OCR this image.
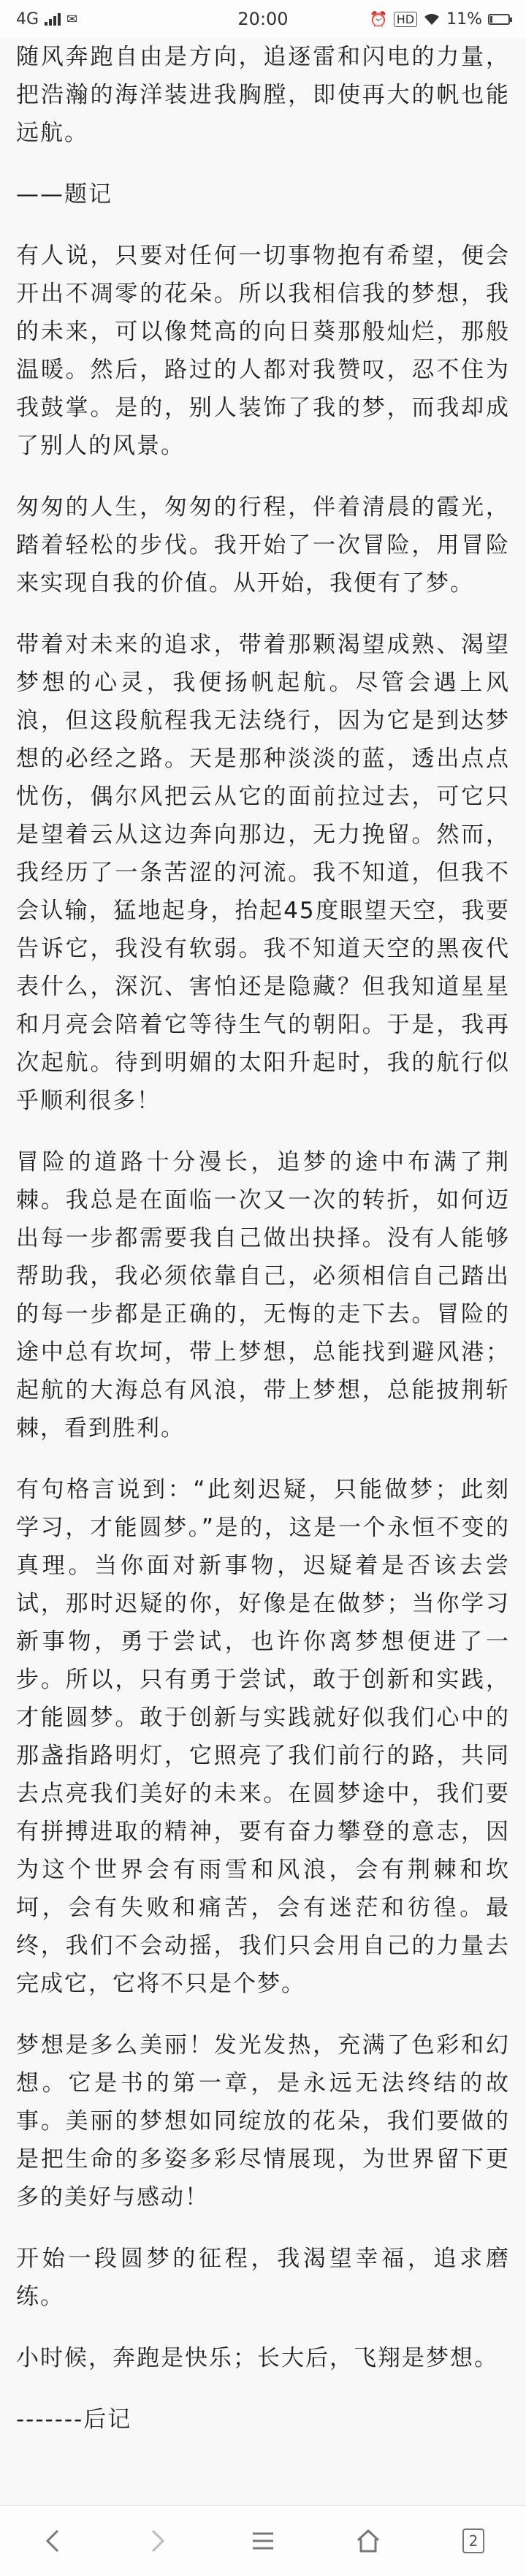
4G ✉	20:00	⏰ HD 11%

随风奔跑自由是方向，追逐雷和闪电的力量，把浩瀚的海洋装进我胸膛，即使再大的帆也能远航。

——题记

有人说，只要对任何一切事物抱有希望，便会开出不凋零的花朵。所以我相信我的梦想，我的未来，可以像梵高的向日葵那般灿烂，那般温暖。然后，路过的人都对我赞叹，忍不住为我鼓掌。是的，别人装饰了我的梦，而我却成了别人的风景。

匆匆的人生，匆匆的行程，伴着清晨的霞光，踏着轻松的步伐。我开始了一次冒险，用冒险来实现自我的价值。从开始，我便有了梦。

带着对未来的追求，带着那颗渴望成熟、渴望梦想的心灵，我便扬帆起航。尽管会遇上风浪，但这段航程我无法绕行，因为它是到达梦想的必经之路。天是那种淡淡的蓝，透出点点忧伤，偶尔风把云从它的面前拉过去，可它只是望着云从这边奔向那边，无力挽留。然而，我经历了一条苦涩的河流。我不知道，但我不会认输，猛地起身，抬起45度眼望天空，我要告诉它，我没有软弱。我不知道天空的黑夜代表什么，深沉、害怕还是隐藏？但我知道星星和月亮会陪着它等待生气的朝阳。于是，我再次起航。待到明媚的太阳升起时，我的航行似乎顺利很多！

冒险的道路十分漫长，追梦的途中布满了荆棘。我总是在面临一次又一次的转折，如何迈出每一步都需要我自己做出抉择。没有人能够帮助我，我必须依靠自己，必须相信自己踏出的每一步都是正确的，无悔的走下去。冒险的途中总有坎坷，带上梦想，总能找到避风港；起航的大海总有风浪，带上梦想，总能披荆斩棘，看到胜利。

有句格言说到：“此刻迟疑，只能做梦；此刻学习，才能圆梦。”是的，这是一个永恒不变的真理。当你面对新事物，迟疑着是否该去尝试，那时迟疑的你，好像是在做梦；当你学习新事物，勇于尝试，也许你离梦想便进了一步。所以，只有勇于尝试，敢于创新和实践，才能圆梦。敢于创新与实践就好似我们心中的那盏指路明灯，它照亮了我们前行的路，共同去点亮我们美好的未来。在圆梦途中，我们要有拼搏进取的精神，要有奋力攀登的意志，因为这个世界会有雨雪和风浪，会有荆棘和坎坷，会有失败和痛苦，会有迷茫和彷徨。最终，我们不会动摇，我们只会用自己的力量去完成它，它将不只是个梦。

梦想是多么美丽！发光发热，充满了色彩和幻想。它是书的第一章，是永远无法终结的故事。美丽的梦想如同绽放的花朵，我们要做的是把生命的多姿多彩尽情展现，为世界留下更多的美好与感动！

开始一段圆梦的征程，我渴望幸福，追求磨练。

小时候，奔跑是快乐；长大后，飞翔是梦想。

-------后记

2
